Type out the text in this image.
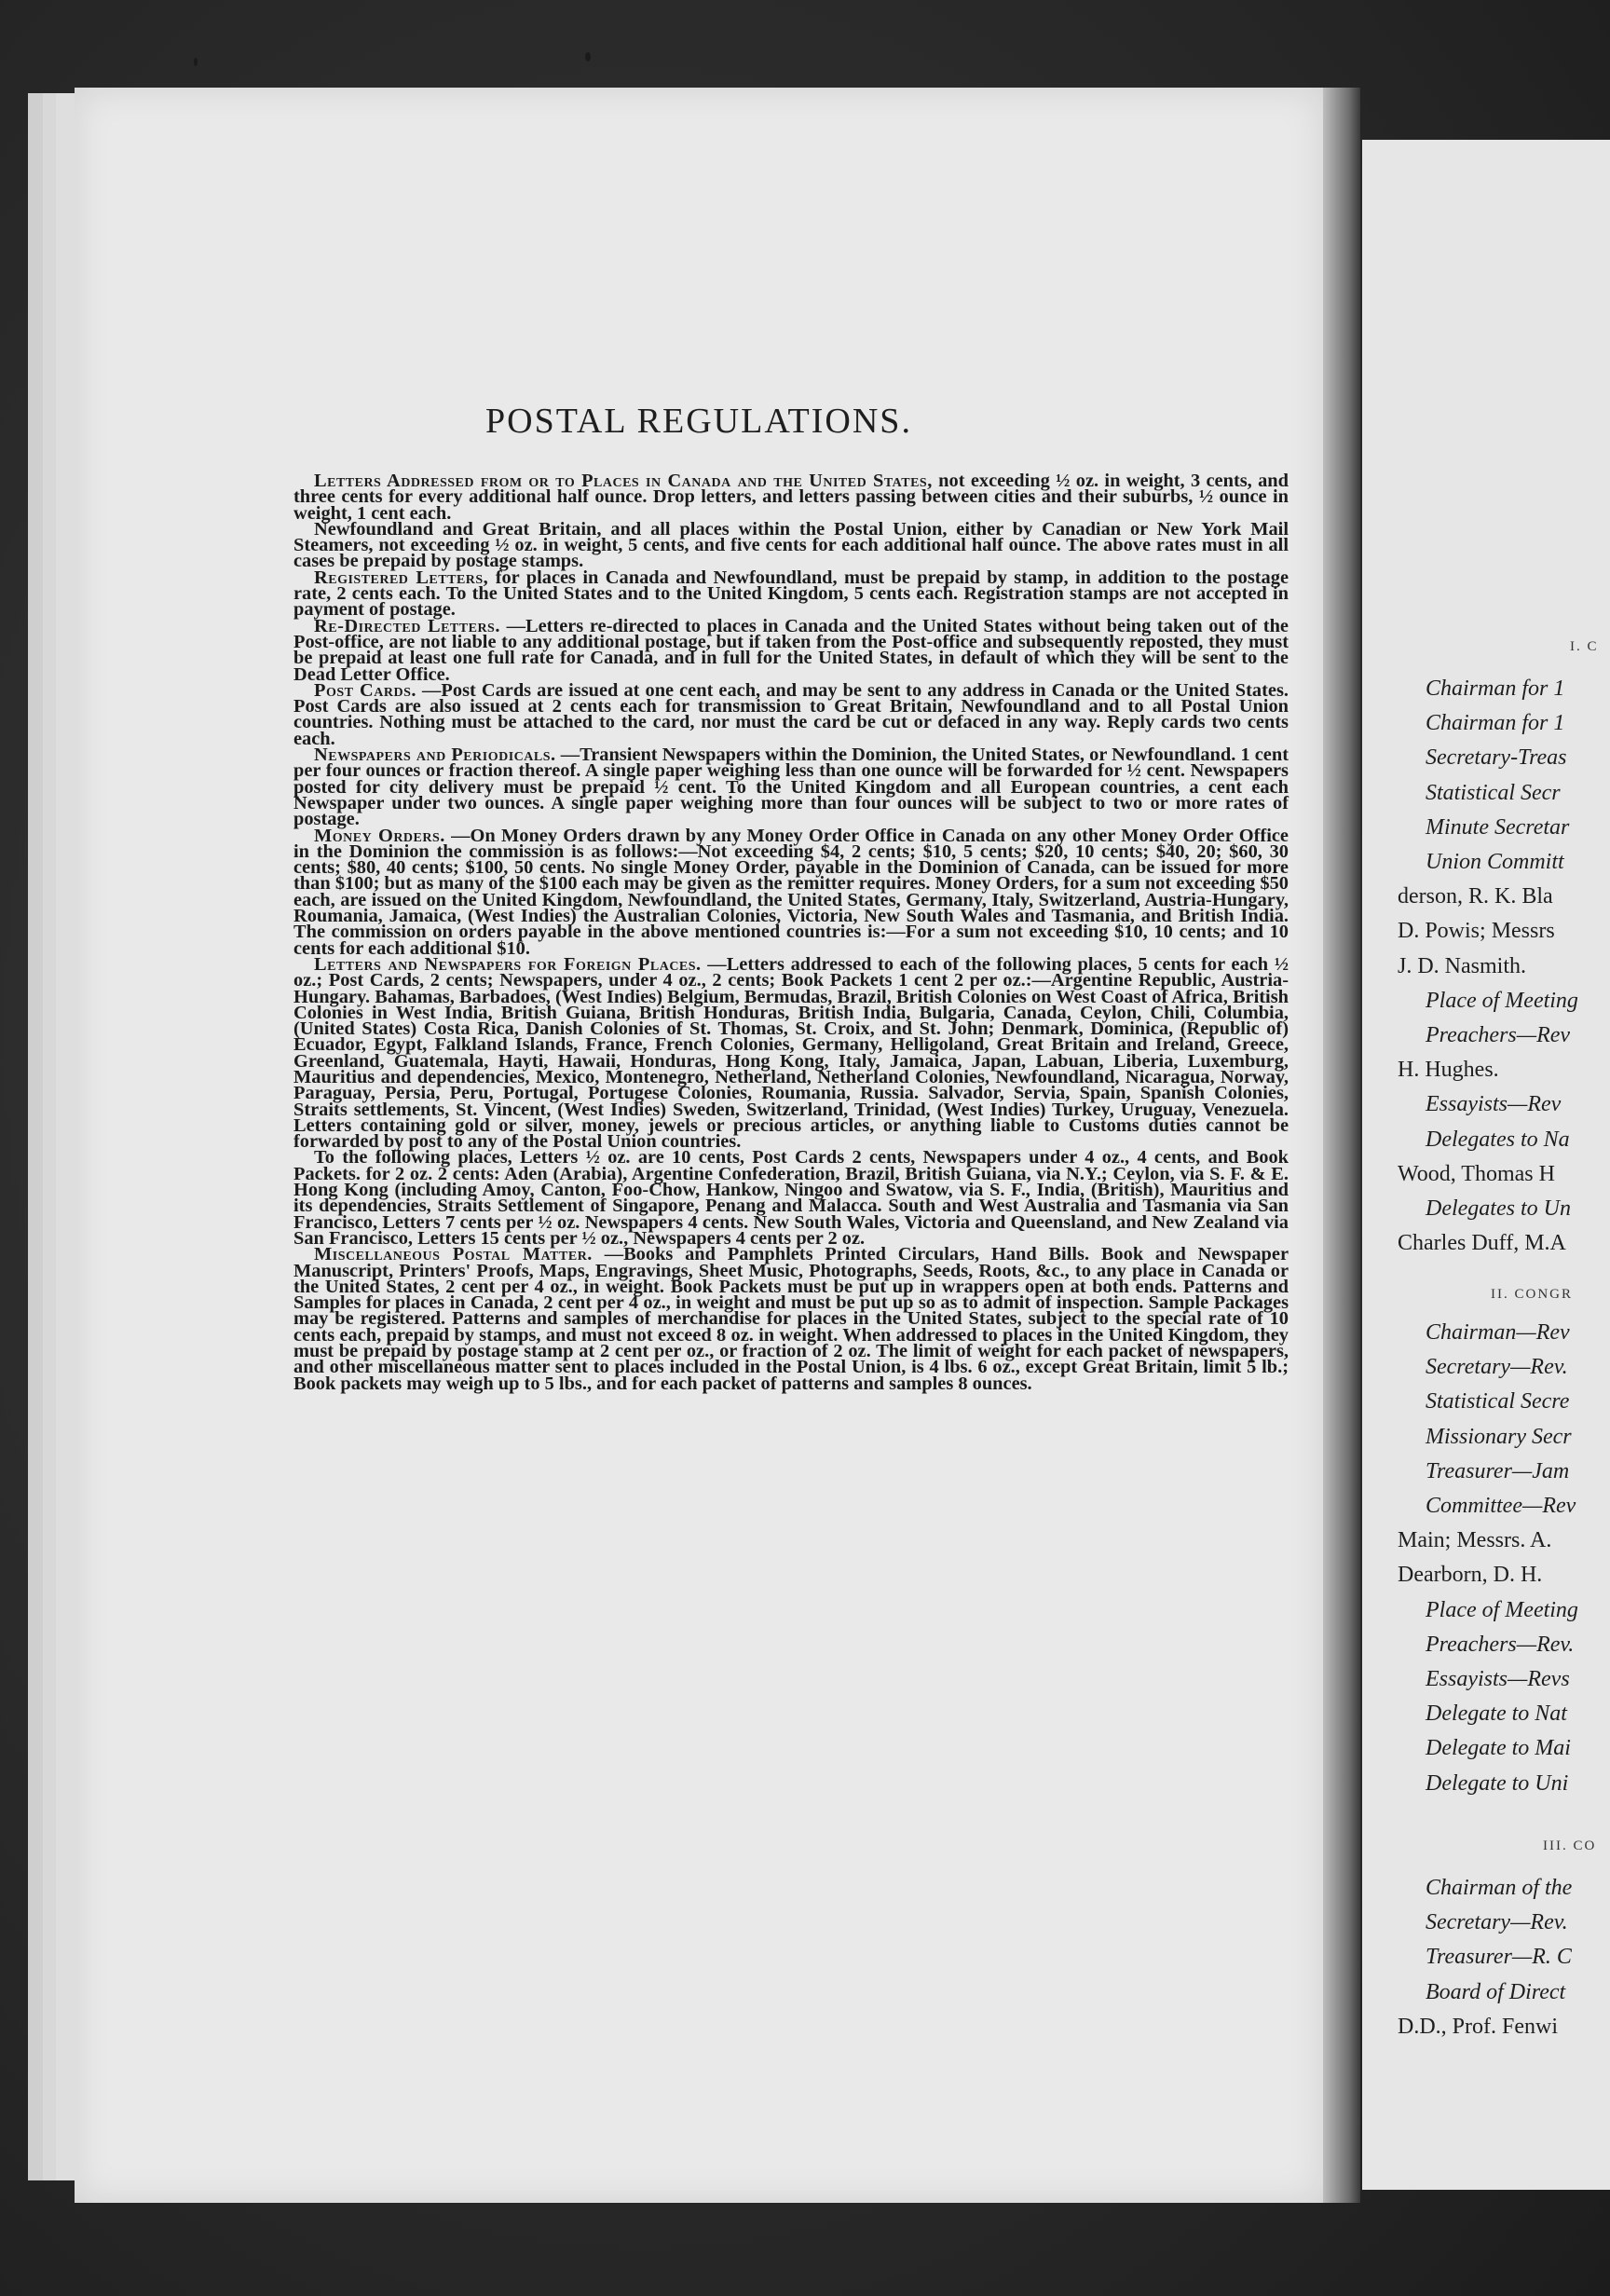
POSTAL REGULATIONS.

Letters Addressed from or to Places in Canada and the United States, not exceeding ½ oz. in weight, 3 cents, and three cents for every additional half ounce. Drop letters, and letters passing between cities and their suburbs, ½ ounce in weight, 1 cent each.

Newfoundland and Great Britain, and all places within the Postal Union, either by Canadian or New York Mail Steamers, not exceeding ½ oz. in weight, 5 cents, and five cents for each additional half ounce. The above rates must in all cases be prepaid by postage stamps.

Registered Letters, for places in Canada and Newfoundland, must be prepaid by stamp, in addition to the postage rate, 2 cents each. To the United States and to the United Kingdom, 5 cents each. Registration stamps are not accepted in payment of postage.

Re-Directed Letters. —Letters re-directed to places in Canada and the United States without being taken out of the Post-office, are not liable to any additional postage, but if taken from the Post-office and subsequently reposted, they must be prepaid at least one full rate for Canada, and in full for the United States, in default of which they will be sent to the Dead Letter Office.

Post Cards. —Post Cards are issued at one cent each, and may be sent to any address in Canada or the United States. Post Cards are also issued at 2 cents each for transmission to Great Britain, Newfoundland and to all Postal Union countries. Nothing must be attached to the card, nor must the card be cut or defaced in any way. Reply cards two cents each.

Newspapers and Periodicals. —Transient Newspapers within the Dominion, the United States, or Newfoundland. 1 cent per four ounces or fraction thereof. A single paper weighing less than one ounce will be forwarded for ½ cent. Newspapers posted for city delivery must be prepaid ½ cent. To the United Kingdom and all European countries, a cent each Newspaper under two ounces. A single paper weighing more than four ounces will be subject to two or more rates of postage.

Money Orders. —On Money Orders drawn by any Money Order Office in Canada on any other Money Order Office in the Dominion the commission is as follows:—Not exceeding $4, 2 cents; $10, 5 cents; $20, 10 cents; $40, 20; $60, 30 cents; $80, 40 cents; $100, 50 cents. No single Money Order, payable in the Dominion of Canada, can be issued for more than $100; but as many of the $100 each may be given as the remitter requires. Money Orders, for a sum not exceeding $50 each, are issued on the United Kingdom, Newfoundland, the United States, Germany, Italy, Switzerland, Austria-Hungary, Roumania, Jamaica, (West Indies) the Australian Colonies, Victoria, New South Wales and Tasmania, and British India. The commission on orders payable in the above mentioned countries is:—For a sum not exceeding $10, 10 cents; and 10 cents for each additional $10.

Letters and Newspapers for Foreign Places. —Letters addressed to each of the following places, 5 cents for each ½ oz.; Post Cards, 2 cents; Newspapers, under 4 oz., 2 cents; Book Packets 1 cent 2 per oz.:—Argentine Republic, Austria-Hungary. Bahamas, Barbadoes, (West Indies) Belgium, Bermudas, Brazil, British Colonies on West Coast of Africa, British Colonies in West India, British Guiana, British Honduras, British India, Bulgaria, Canada, Ceylon, Chili, Columbia, (United States) Costa Rica, Danish Colonies of St. Thomas, St. Croix, and St. John; Denmark, Dominica, (Republic of) Ecuador, Egypt, Falkland Islands, France, French Colonies, Germany, Helligoland, Great Britain and Ireland, Greece, Greenland, Guatemala, Hayti, Hawaii, Honduras, Hong Kong, Italy, Jamaica, Japan, Labuan, Liberia, Luxemburg, Mauritius and dependencies, Mexico, Montenegro, Netherland, Netherland Colonies, Newfoundland, Nicaragua, Norway, Paraguay, Persia, Peru, Portugal, Portugese Colonies, Roumania, Russia. Salvador, Servia, Spain, Spanish Colonies, Straits settlements, St. Vincent, (West Indies) Sweden, Switzerland, Trinidad, (West Indies) Turkey, Uruguay, Venezuela. Letters containing gold or silver, money, jewels or precious articles, or anything liable to Customs duties cannot be forwarded by post to any of the Postal Union countries.

To the following places, Letters ½ oz. are 10 cents, Post Cards 2 cents, Newspapers under 4 oz., 4 cents, and Book Packets. for 2 oz. 2 cents: Aden (Arabia), Argentine Confederation, Brazil, British Guiana, via N.Y.; Ceylon, via S. F. & E. Hong Kong (including Amoy, Canton, Foo-Chow, Hankow, Ningoo and Swatow, via S. F., India, (British), Mauritius and its dependencies, Straits Settlement of Singapore, Penang and Malacca. South and West Australia and Tasmania via San Francisco, Letters 7 cents per ½ oz. Newspapers 4 cents. New South Wales, Victoria and Queensland, and New Zealand via San Francisco, Letters 15 cents per ½ oz., Newspapers 4 cents per 2 oz.

Miscellaneous Postal Matter. —Books and Pamphlets Printed Circulars, Hand Bills. Book and Newspaper Manuscript, Printers' Proofs, Maps, Engravings, Sheet Music, Photographs, Seeds, Roots, &c., to any place in Canada or the United States, 2 cent per 4 oz., in weight. Book Packets must be put up in wrappers open at both ends. Patterns and Samples for places in Canada, 2 cent per 4 oz., in weight and must be put up so as to admit of inspection. Sample Packages may be registered. Patterns and samples of merchandise for places in the United States, subject to the special rate of 10 cents each, prepaid by stamps, and must not exceed 8 oz. in weight. When addressed to places in the United Kingdom, they must be prepaid by postage stamp at 2 cent per oz., or fraction of 2 oz. The limit of weight for each packet of newspapers, and other miscellaneous matter sent to places included in the Postal Union, is 4 lbs. 6 oz., except Great Britain, limit 5 lb.; Book packets may weigh up to 5 lbs., and for each packet of patterns and samples 8 ounces.

I. C
Chairman for 1
Chairman for 1
Secretary-Treas
Statistical Secr
Minute Secretar
Union Committ
derson, R. K. Bla
D. Powis; Messrs
J. D. Nasmith.
Place of Meeting
Preachers—Rev
H. Hughes.
Essayists—Rev
Delegates to Na
Wood, Thomas H
Delegates to Un
Charles Duff, M.A
II. CONGR
Chairman—Rev
Secretary—Rev.
Statistical Secre
Missionary Secr
Treasurer—Jam
Committee—Rev
Main; Messrs. A.
Dearborn, D. H.
Place of Meeting
Preachers—Rev.
Essayists—Revs
Delegate to Nat
Delegate to Mai
Delegate to Uni
III. CO
Chairman of the
Secretary—Rev.
Treasurer—R. C
Board of Direct
D.D., Prof. Fenwi
